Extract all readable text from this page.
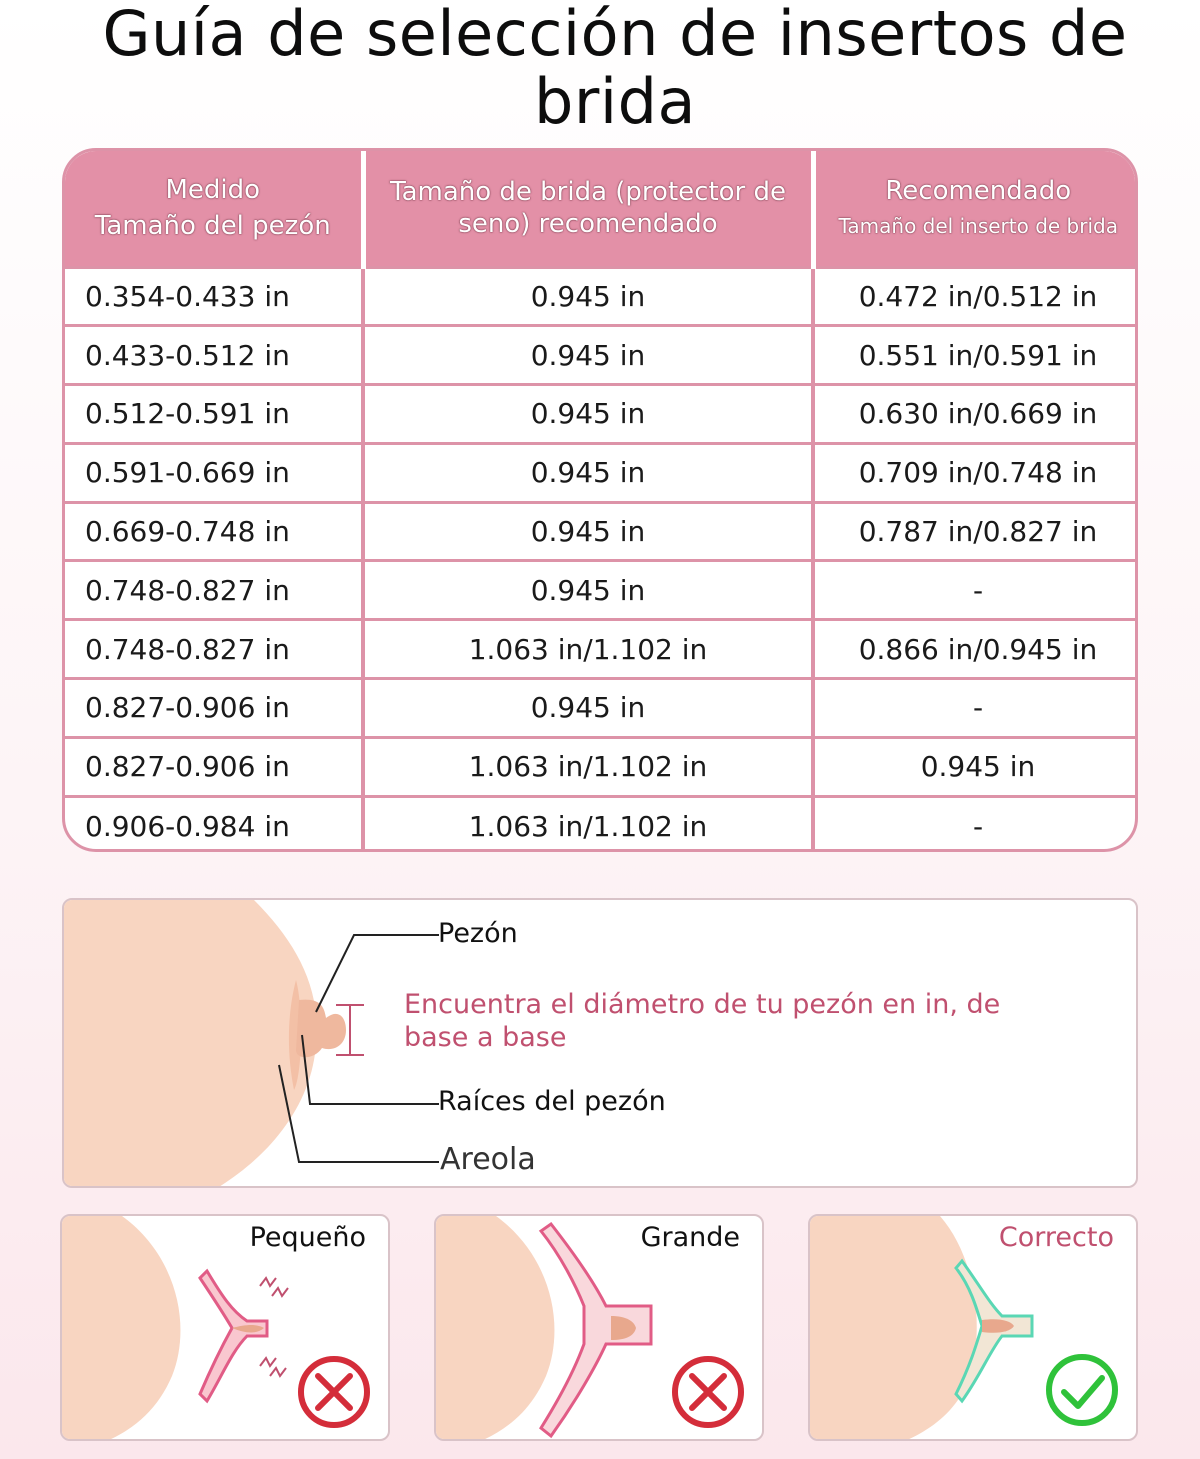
Guía de selección de insertos de brida
Medido
Tamaño del pezón	Tamaño de brida (protector de seno) recomendado	Recomendado
Tamaño del inserto de brida

0.354-0.433 in	0.945 in	0.472 in/0.512 in
0.433-0.512 in	0.945 in	0.551 in/0.591 in
0.512-0.591 in	0.945 in	0.630 in/0.669 in
0.591-0.669 in	0.945 in	0.709 in/0.748 in
0.669-0.748 in	0.945 in	0.787 in/0.827 in
0.748-0.827 in	0.945 in	-
0.748-0.827 in	1.063 in/1.102 in	0.866 in/0.945 in
0.827-0.906 in	0.945 in	-
0.827-0.906 in	1.063 in/1.102 in	0.945 in
0.906-0.984 in	1.063 in/1.102 in	-
Pezón
Encuentra el diámetro de tu pezón en in, de base a base
Raíces del pezón
Areola
Pequeño	Grande	Correcto
